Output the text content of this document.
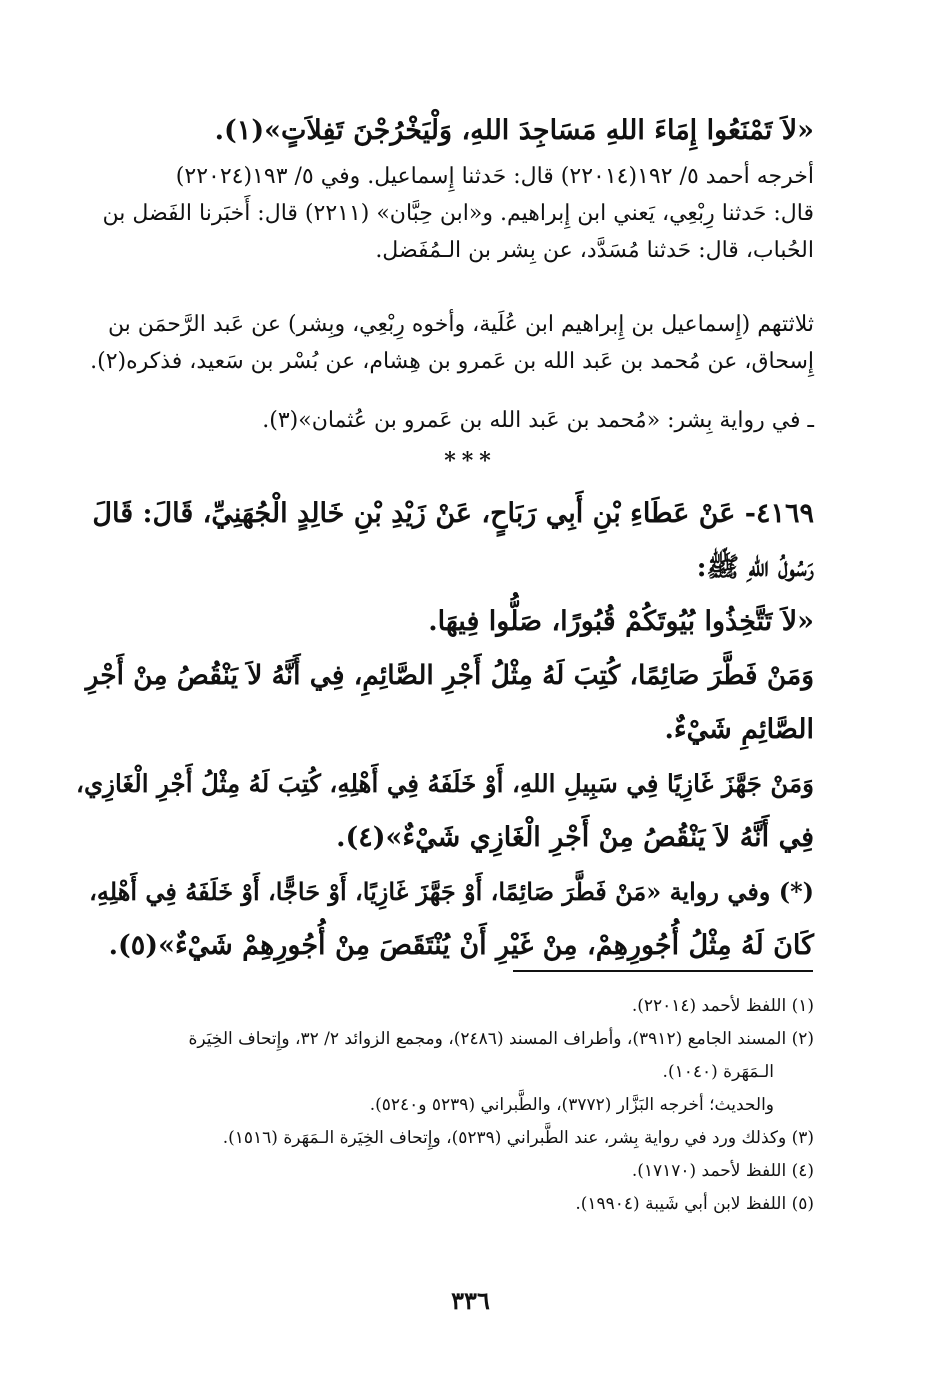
«لاَ تَمْنَعُوا إِمَاءَ اللهِ مَسَاجِدَ اللهِ، وَلْيَخْرُجْنَ تَفِلاَتٍ»(١).
أخرجه أحمد ٥/ ١٩٢(٢٢٠١٤) قال: حَدثنا إِسماعيل. وفي ٥/ ١٩٣(٢٢٠٢٤)
قال: حَدثنا رِبْعِي، يَعني ابن إِبراهيم. و«ابن حِبَّان» (٢٢١١) قال: أَخبَرنا الفَضل بن
الحُباب، قال: حَدثنا مُسَدَّد، عن بِشر بن الـمُفَضل.
ثلاثتهم (إِسماعيل بن إِبراهيم ابن عُلَية، وأخوه رِبْعِي، وبِشر) عن عَبد الرَّحمَن بن
إِسحاق، عن مُحمد بن عَبد الله بن عَمرو بن هِشام، عن بُسْر بن سَعيد، فذكره(٢).
ـ في رواية بِشر: «مُحمد بن عَبد الله بن عَمرو بن عُثمان»(٣).
***
٤١٦٩- عَنْ عَطَاءِ بْنِ أَبِي رَبَاحٍ، عَنْ زَيْدِ بْنِ خَالِدٍ الْجُهَنِيِّ، قَالَ: قَالَ
رَسُولُ اللهِ ﷺ:
«لاَ تَتَّخِذُوا بُيُوتَكُمْ قُبُورًا، صَلُّوا فِيهَا.
وَمَنْ فَطَّرَ صَائِمًا، كُتِبَ لَهُ مِثْلُ أَجْرِ الصَّائِمِ، فِي أَنَّهُ لاَ يَنْقُصُ مِنْ أَجْرِ
الصَّائِمِ شَيْءٌ.
وَمَنْ جَهَّزَ غَازِيًا فِي سَبِيلِ اللهِ، أَوْ خَلَفَهُ فِي أَهْلِهِ، كُتِبَ لَهُ مِثْلُ أَجْرِ الْغَازِي،
فِي أَنَّهُ لاَ يَنْقُصُ مِنْ أَجْرِ الْغَازِي شَيْءٌ»(٤).
(*) وفي رواية «مَنْ فَطَّرَ صَائِمًا، أَوْ جَهَّزَ غَازِيًا، أَوْ حَاجًّا، أَوْ خَلَفَهُ فِي أَهْلِهِ،
كَانَ لَهُ مِثْلُ أُجُورِهِمْ، مِنْ غَيْرِ أَنْ يُنْتَقَصَ مِنْ أُجُورِهِمْ شَيْءٌ»(٥).
(١) اللفظ لأحمد (٢٢٠١٤).
(٢) المسند الجامع (٣٩١٢)، وأطراف المسند (٢٤٨٦)، ومجمع الزوائد ٢/ ٣٢، وإِتحاف الخِيَرة
الـمَهَرة (١٠٤٠).
والحديث؛ أخرجه البَزَّار (٣٧٧٢)، والطَّبراني (٥٢٣٩ و٥٢٤٠).
(٣) وكذلك ورد في رواية بِشر، عند الطَّبراني (٥٢٣٩)، وإِتحاف الخِيَرة الـمَهَرة (١٥١٦).
(٤) اللفظ لأحمد (١٧١٧٠).
(٥) اللفظ لابن أبي شَيبة (١٩٩٠٤).
٣٣٦
